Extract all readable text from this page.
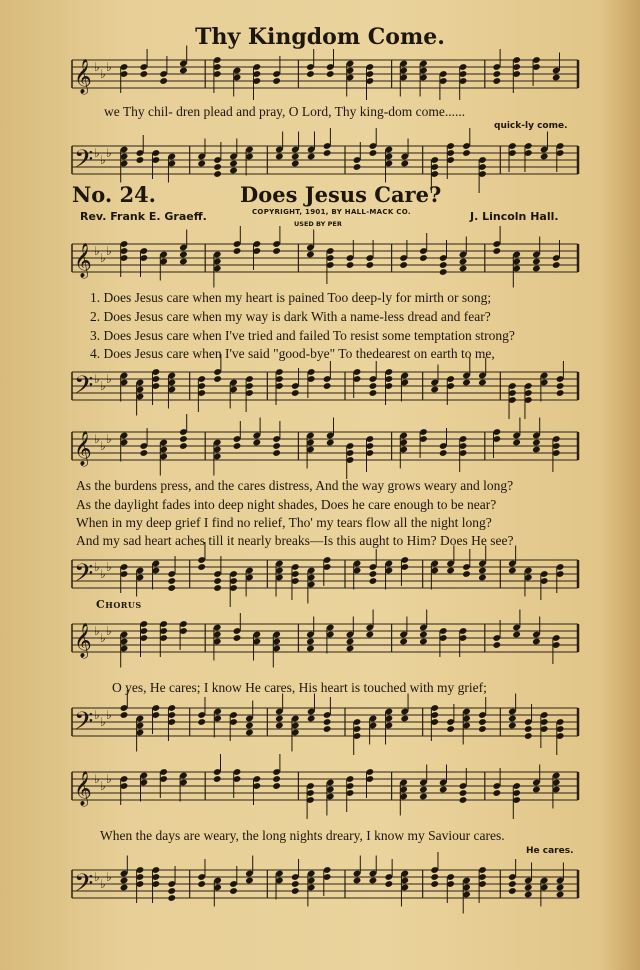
Thy Kingdom Come.
𝄞 ♭ ♭ ♭
we Thy chil- dren plead and pray, O Lord, Thy king-dom come......
quick-ly come.
𝄢 ♭ ♭ ♭
No. 24.	Does Jesus Care?
Rev. Frank E. Graeff.	COPYRIGHT, 1901, BY HALL-MACK CO.
USED BY PER
J. Lincoln Hall.
𝄞 ♭ ♭ ♭
1. Does Jesus care when my heart is pained Too deep-ly for mirth or song;
2. Does Jesus care when my way is dark With a name-less dread and fear?
3. Does Jesus care when I've tried and failed To resist some temptation strong?
4. Does Jesus care when I've said "good-bye" To thedearest on earth to me,
𝄢 ♭ ♭ ♭
𝄞 ♭ ♭ ♭
As the burdens press, and the cares distress, And the way grows weary and long?
As the daylight fades into deep night shades, Does he care enough to be near?
When in my deep grief I find no relief, Tho' my tears flow all the night long?
And my sad heart aches till it nearly breaks—Is this aught to Him? Does He see?
𝄢 ♭ ♭ ♭
Chorus
𝄞 ♭ ♭ ♭
O yes, He cares; I know He cares, His heart is touched with my grief;
𝄢 ♭ ♭ ♭
𝄞 ♭ ♭ ♭
When the days are weary, the long nights dreary, I know my Saviour cares.
He cares.
𝄢 ♭ ♭ ♭
